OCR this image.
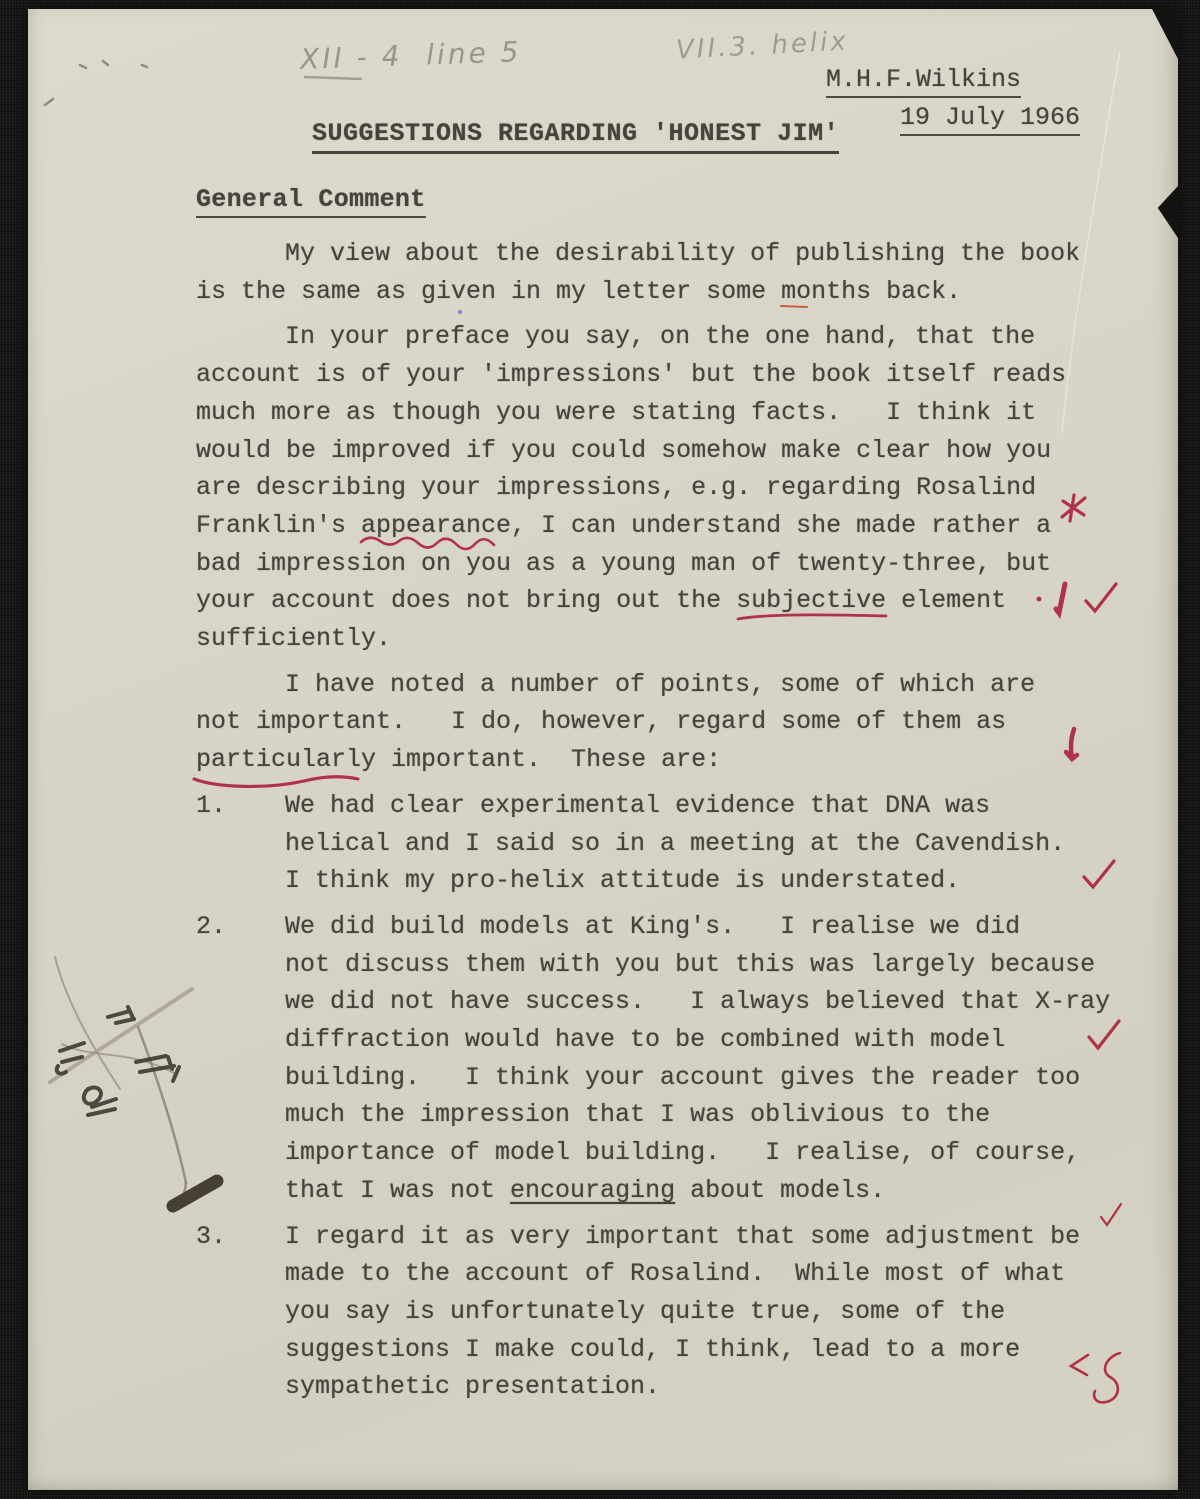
XII - 4  line 5	VII.3. helix
M.H.F.Wilkins
19 July 1966
SUGGESTIONS REGARDING 'HONEST JIM'
General Comment
My view about the desirability of publishing the book
is the same as given in my letter some months back.
In your preface you say, on the one hand, that the
account is of your 'impressions' but the book itself reads
much more as though you were stating facts.   I think it
would be improved if you could somehow make clear how you
are describing your impressions, e.g. regarding Rosalind
Franklin's appearance, I can understand she made rather a
bad impression on you as a young man of twenty-three, but
your account does not bring out the subjective element
sufficiently.
I have noted a number of points, some of which are
not important.   I do, however, regard some of them as
particularly important.  These are:
1. We had clear experimental evidence that DNA was
helical and I said so in a meeting at the Cavendish.
I think my pro-helix attitude is understated.
2. We did build models at King's.   I realise we did
not discuss them with you but this was largely because
we did not have success.   I always believed that X-ray
diffraction would have to be combined with model
building.   I think your account gives the reader too
much the impression that I was oblivious to the
importance of model building.   I realise, of course,
that I was not encouraging about models.
3. I regard it as very important that some adjustment be
made to the account of Rosalind.  While most of what
you say is unfortunately quite true, some of the
suggestions I make could, I think, lead to a more
sympathetic presentation.
